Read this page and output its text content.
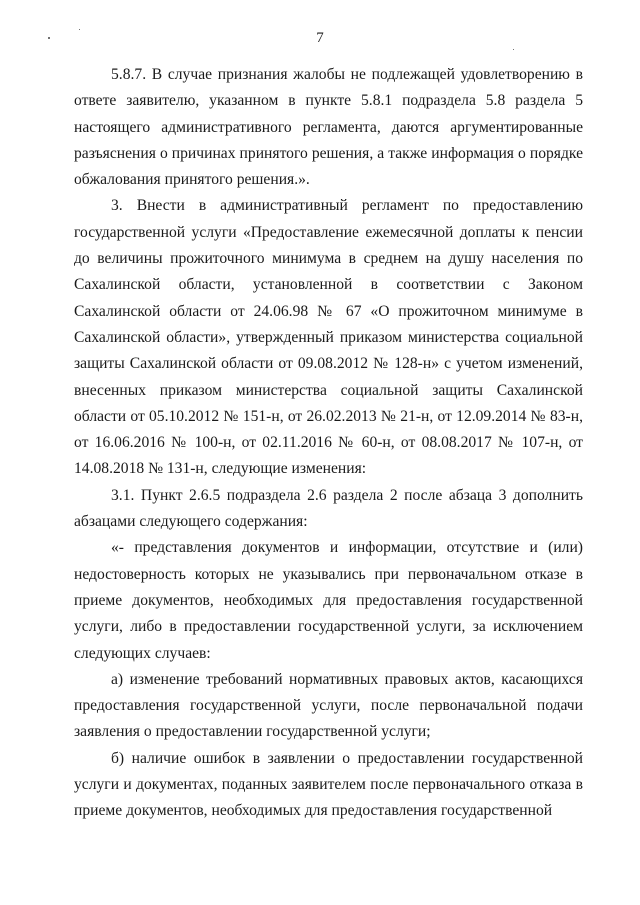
7

5.8.7. В случае признания жалобы не подлежащей удовлетворению в ответе заявителю, указанном в пункте 5.8.1 подраздела 5.8 раздела 5 настоящего административного регламента, даются аргументированные разъяснения о причинах принятого решения, а также информация о порядке обжалования принятого решения.».

3. Внести в административный регламент по предоставлению государственной услуги «Предоставление ежемесячной доплаты к пенсии до величины прожиточного минимума в среднем на душу населения по Сахалинской области, установленной в соответствии с Законом Сахалинской области от 24.06.98 № 67 «О прожиточном минимуме в Сахалинской области», утвержденный приказом министерства социальной защиты Сахалинской области от 09.08.2012 № 128-н» с учетом изменений, внесенных приказом министерства социальной защиты Сахалинской области от 05.10.2012 № 151-н, от 26.02.2013 № 21-н, от 12.09.2014 № 83-н, от 16.06.2016 № 100-н, от 02.11.2016 № 60-н, от 08.08.2017 № 107-н, от 14.08.2018 № 131-н, следующие изменения:

3.1. Пункт 2.6.5 подраздела 2.6 раздела 2 после абзаца 3 дополнить абзацами следующего содержания:

«- представления документов и информации, отсутствие и (или) недостоверность которых не указывались при первоначальном отказе в приеме документов, необходимых для предоставления государственной услуги, либо в предоставлении государственной услуги, за исключением следующих случаев:

а) изменение требований нормативных правовых актов, касающихся предоставления государственной услуги, после первоначальной подачи заявления о предоставлении государственной услуги;

б) наличие ошибок в заявлении о предоставлении государственной услуги и документах, поданных заявителем после первоначального отказа в приеме документов, необходимых для предоставления государственной
